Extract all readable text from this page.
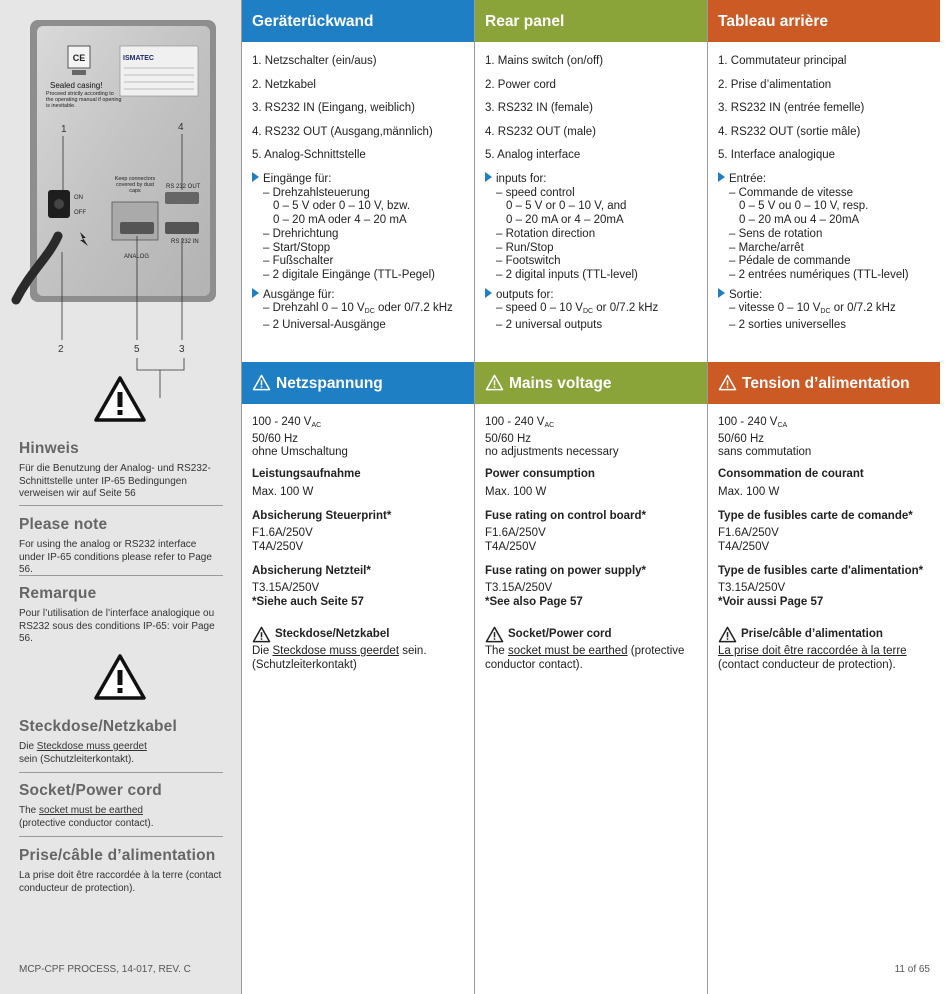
CE	ISMATEC
Sealed casing!
Proceed strictly according to the operating manual if opening is inevitable.
1	4
ON
OFF
Keep connectors covered by dust caps
RS 232 OUT
RS 232 IN
ANALOG
2	5	3
Hinweis

Für die Benutzung der Analog- und RS232-Schnittstelle unter IP-65 Bedingungen verweisen wir auf Seite 56

Please note

For using the analog or RS232 interface under IP-65 conditions please refer to Page 56.

Remarque

Pour l’utilisation de l’interface analogique ou RS232 sous des conditions IP-65: voir Page 56.

Steckdose/Netzkabel

Die Steckdose muss geerdet
sein (Schutzleiterkontakt).

Socket/Power cord

The socket must be earthed
(protective conductor contact).

Prise/câble d’alimentation

La prise doit être raccordée à la terre (contact conducteur de protection).

MCP-CPF PROCESS, 14-017, REV. C
Geräterückwand
1. Netzschalter (ein/aus)
2. Netzkabel
3. RS232 IN (Eingang, weiblich)
4. RS232 OUT (Ausgang,männlich)
5. Analog-Schnittstelle
Eingänge für:
– Drehzahlsteuerung
0 – 5 V oder 0 – 10 V, bzw.
0 – 20 mA oder 4 – 20 mA
– Drehrichtung
– Start/Stopp
– Fußschalter
– 2 digitale Eingänge (TTL-Pegel)
Ausgänge für:
– Drehzahl 0 – 10 $V_{DC}$ oder 0/7.2 kHz
– 2 Universal-Ausgänge
Netzspannung
100 - 240 $V_{AC}$
50/60 Hz
ohne Umschaltung
Leistungsaufnahme
Max. 100 W
Absicherung Steuerprint*
F1.6A/250V
T4A/250V
Absicherung Netzteil*
T3.15A/250V
*Siehe auch Seite 57
Steckdose/Netzkabel
Die Steckdose muss geerdet sein. (Schutzleiterkontakt)
Rear panel
1. Mains switch (on/off)
2. Power cord
3. RS232 IN (female)
4. RS232 OUT (male)
5. Analog interface
inputs for:
– speed control
0 – 5 V or 0 – 10 V, and
0 – 20 mA or 4 – 20mA
– Rotation direction
– Run/Stop
– Footswitch
– 2 digital inputs (TTL-level)
outputs for:
– speed 0 – 10 $V_{DC}$ or 0/7.2 kHz
– 2 universal outputs
Mains voltage
100 - 240 $V_{AC}$
50/60 Hz
no adjustments necessary
Power consumption
Max. 100 W
Fuse rating on control board*
F1.6A/250V
T4A/250V
Fuse rating on power supply*
T3.15A/250V
*See also Page 57
Socket/Power cord
The socket must be earthed (protective conductor contact).
Tableau arrière
1. Commutateur principal
2. Prise d’alimentation
3. RS232 IN (entrée femelle)
4. RS232 OUT (sortie mâle)
5. Interface analogique
Entrée:
– Commande de vitesse
0 – 5 V ou 0 – 10 V, resp.
0 – 20 mA ou 4 – 20mA
– Sens de rotation
– Marche/arrêt
– Pédale de commande
– 2 entrées numériques (TTL-level)
Sortie:
– vitesse 0 – 10 $V_{DC}$ or 0/7.2 kHz
– 2 sorties universelles
Tension d’alimentation
100 - 240 $V_{CA}$
50/60 Hz
sans commutation
Consommation de courant
Max. 100 W
Type de fusibles carte de comande*
F1.6A/250V
T4A/250V
Type de fusibles carte d'alimentation*
T3.15A/250V
*Voir aussi Page 57
Prise/câble d’alimentation
La prise doit être raccordée à la terre (contact conducteur de protection).
11 of 65
